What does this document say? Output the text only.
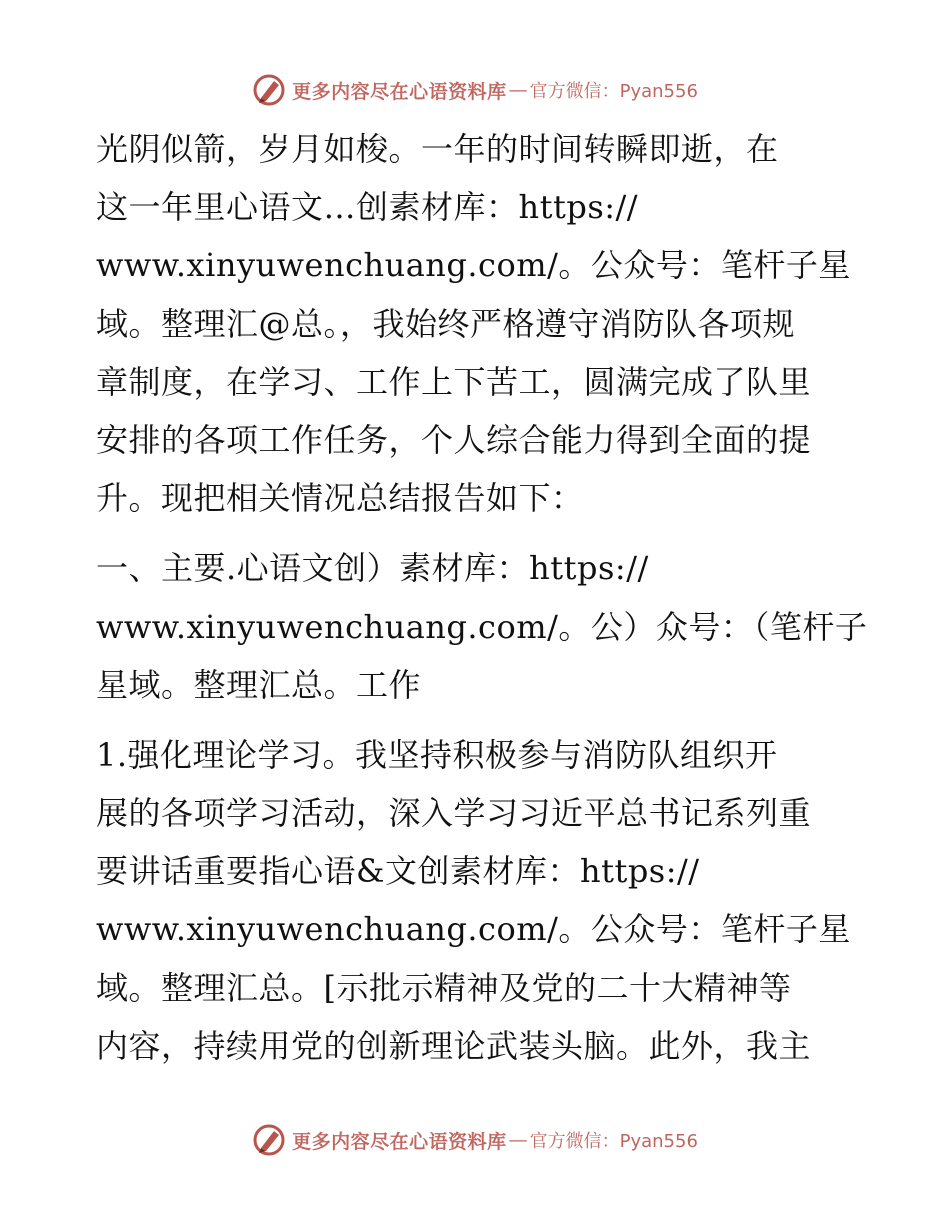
更多内容尽在心语资料库 — 官方微信：Pyan556
光阴似箭，岁月如梭。一年的时间转瞬即逝，在
这一年里心语文…创素材库：https://
www.xinyuwenchuang.com/。公众号：笔杆子星
域。整理汇@总。，我始终严格遵守消防队各项规
章制度，在学习、工作上下苦工，圆满完成了队里
安排的各项工作任务，个人综合能力得到全面的提
升。现把相关情况总结报告如下：
一、主要.心语文创）素材库：https://
www.xinyuwenchuang.com/。公）众号：（笔杆子
星域。整理汇总。工作
1.强化理论学习。我坚持积极参与消防队组织开
展的各项学习活动，深入学习习近平总书记系列重
要讲话重要指心语&文创素材库：https://
www.xinyuwenchuang.com/。公众号：笔杆子星
域。整理汇总。[示批示精神及党的二十大精神等
内容，持续用党的创新理论武装头脑。此外，我主
更多内容尽在心语资料库 — 官方微信：Pyan556
